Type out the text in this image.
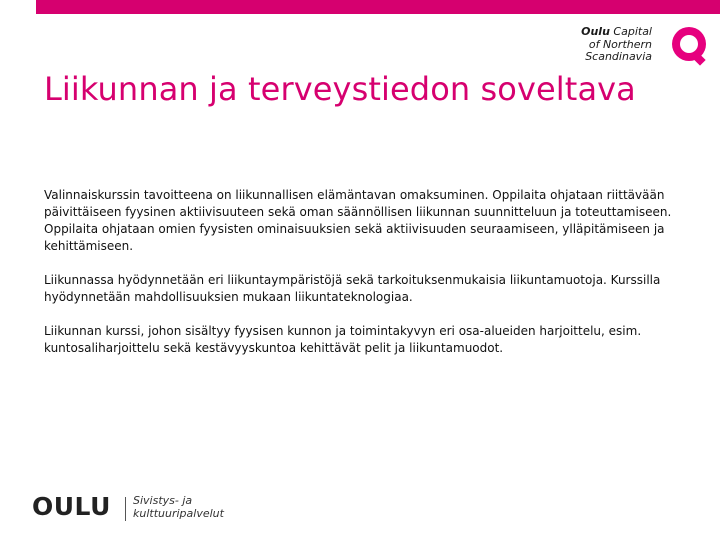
Oulu Capital
of Northern
Scandinavia
Liikunnan ja terveystiedon soveltava

Valinnaiskurssin tavoitteena on liikunnallisen elämäntavan omaksuminen. Oppilaita ohjataan riittävään päivittäiseen fyysinen aktiivisuuteen sekä oman säännöllisen liikunnan suunnitteluun ja toteuttamiseen. Oppilaita ohjataan omien fyysisten ominaisuuksien sekä aktiivisuuden seuraamiseen, ylläpitämiseen ja kehittämiseen.

Liikunnassa hyödynnetään eri liikuntaympäristöjä sekä tarkoituksenmukaisia liikuntamuotoja. Kurssilla hyödynnetään mahdollisuuksien mukaan liikuntateknologiaa.

Liikunnan kurssi, johon sisältyy fyysisen kunnon ja toimintakyvyn eri osa-alueiden harjoittelu, esim. kuntosaliharjoittelu sekä kestävyyskuntoa kehittävät pelit ja liikuntamuodot.

OULU Sivistys- ja
kulttuuripalvelut
